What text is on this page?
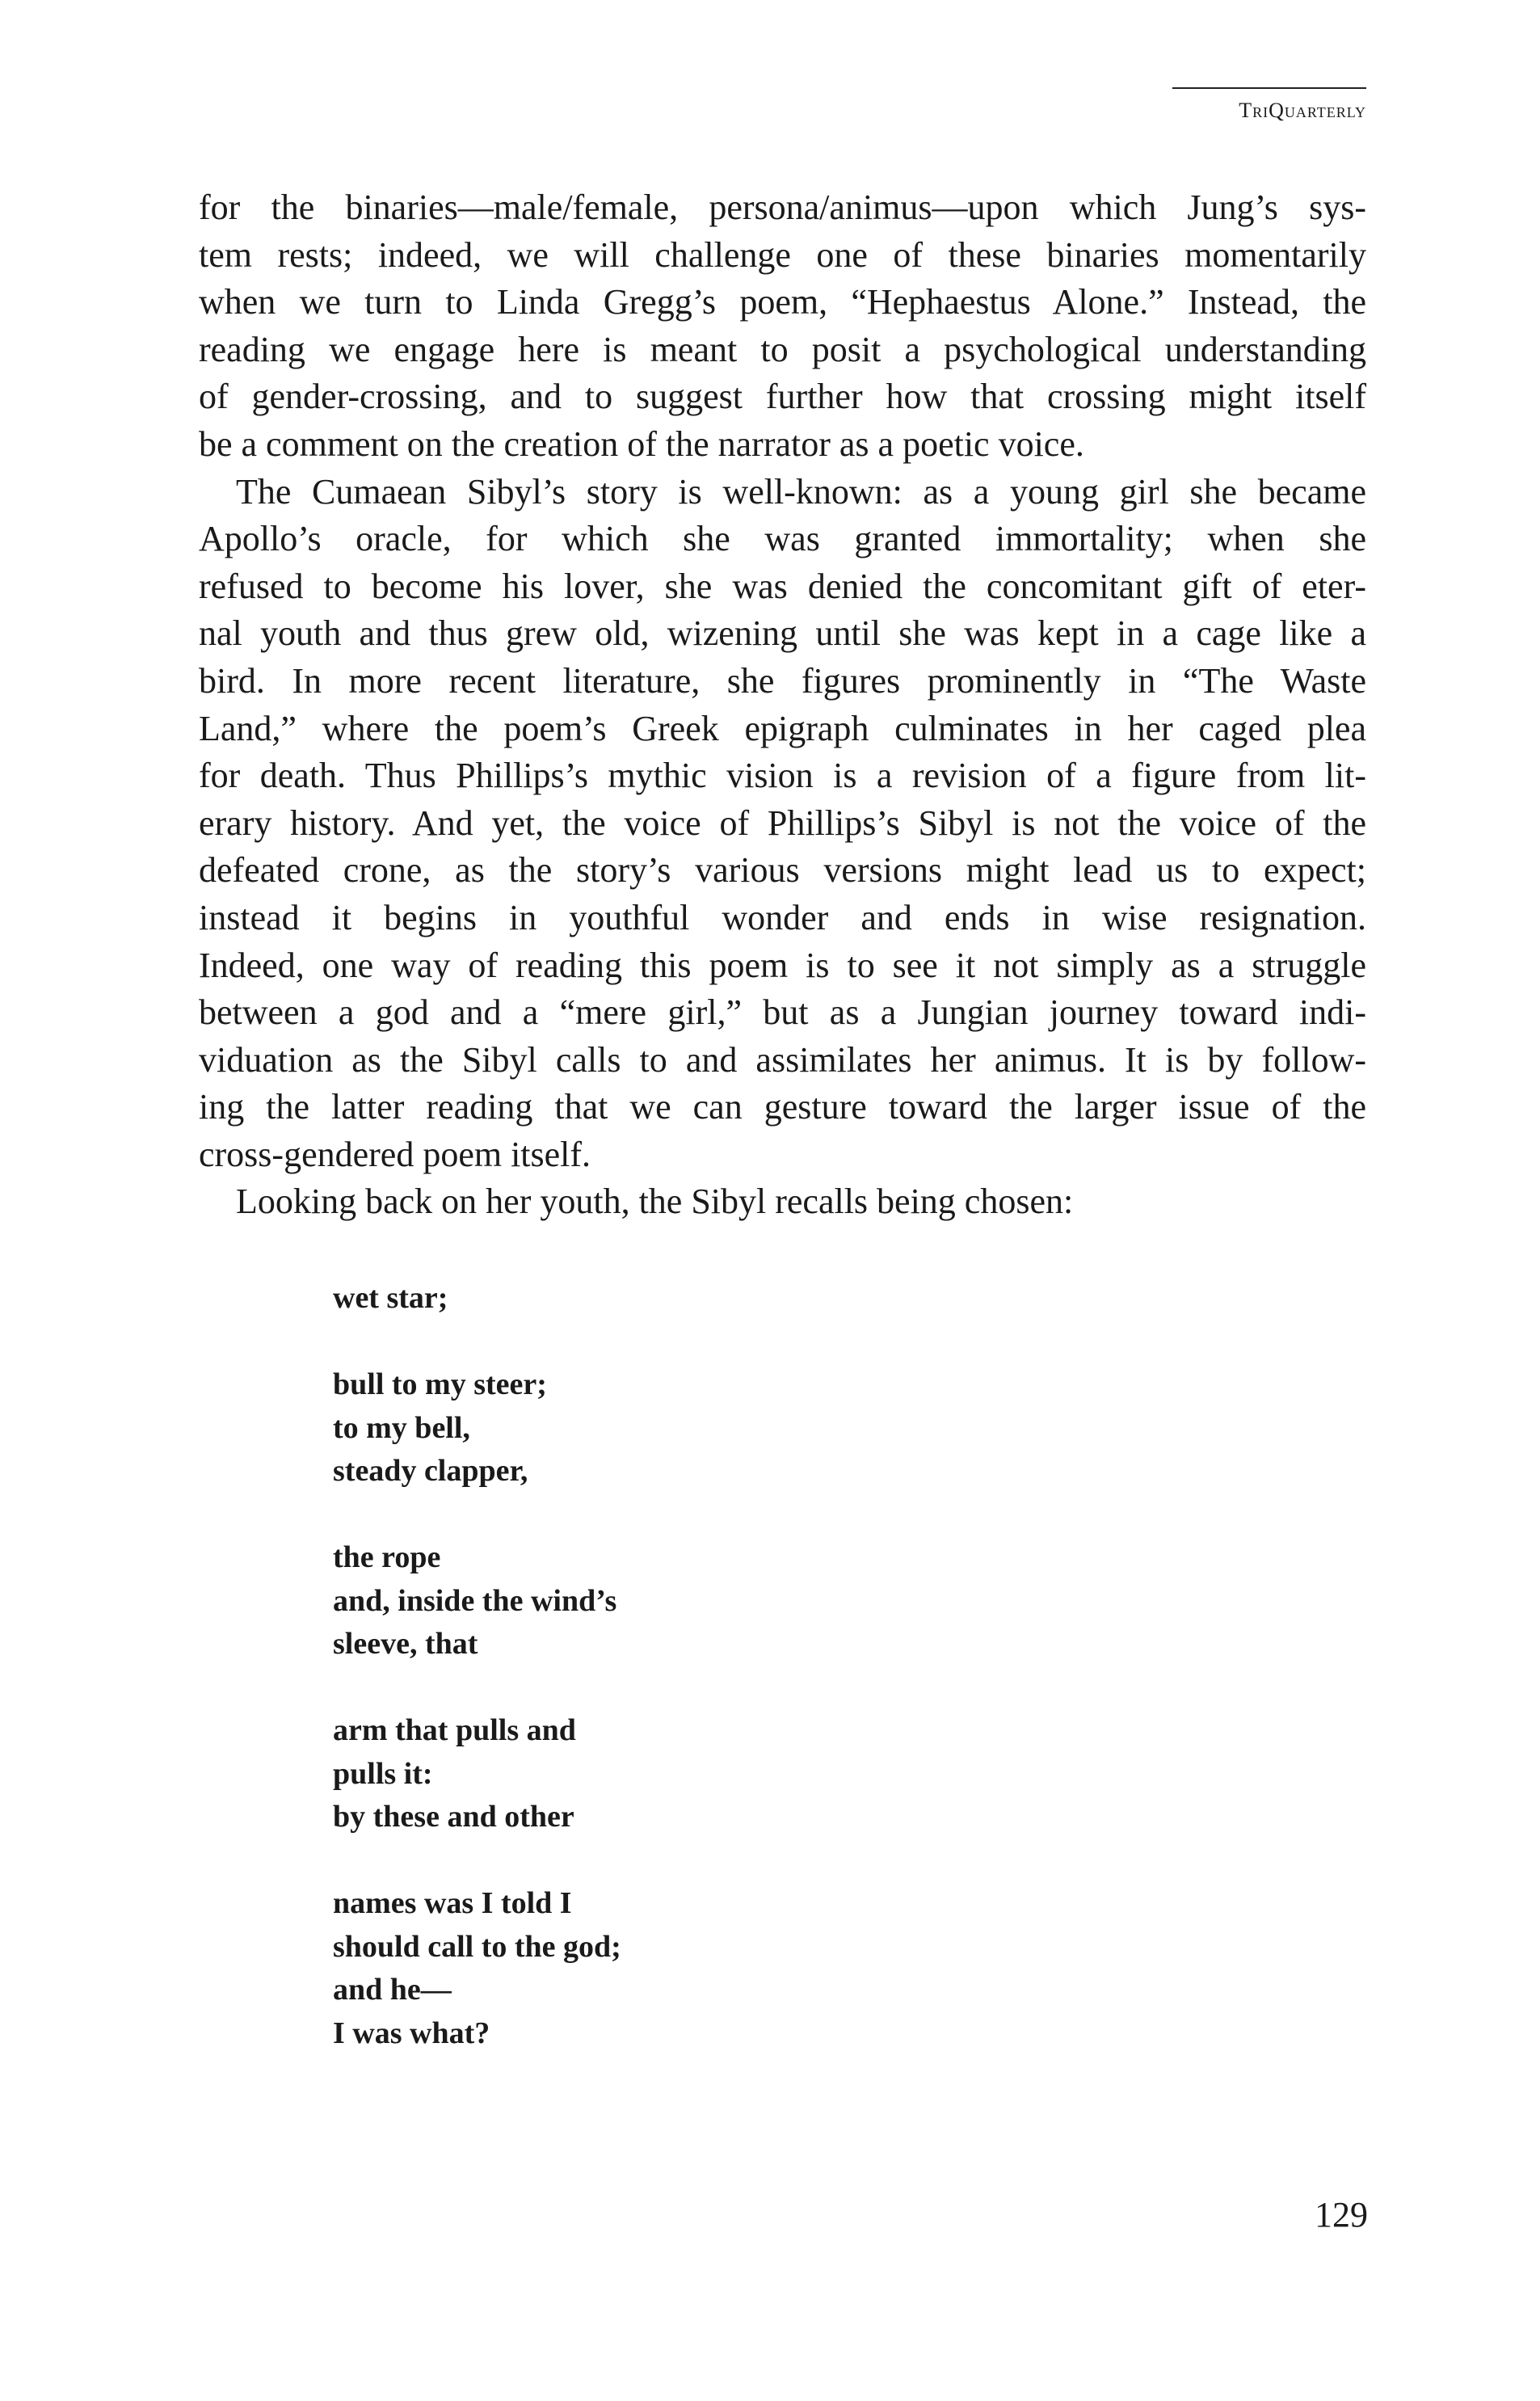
TriQuarterly
for the binaries—male/female, persona/animus—upon which Jung’s sys-
tem rests; indeed, we will challenge one of these binaries momentarily
when we turn to Linda Gregg’s poem, “Hephaestus Alone.” Instead, the
reading we engage here is meant to posit a psychological understanding
of gender-crossing, and to suggest further how that crossing might itself
be a comment on the creation of the narrator as a poetic voice.
The Cumaean Sibyl’s story is well-known: as a young girl she became
Apollo’s oracle, for which she was granted immortality; when she
refused to become his lover, she was denied the concomitant gift of eter-
nal youth and thus grew old, wizening until she was kept in a cage like a
bird. In more recent literature, she figures prominently in “The Waste
Land,” where the poem’s Greek epigraph culminates in her caged plea
for death. Thus Phillips’s mythic vision is a revision of a figure from lit-
erary history. And yet, the voice of Phillips’s Sibyl is not the voice of the
defeated crone, as the story’s various versions might lead us to expect;
instead it begins in youthful wonder and ends in wise resignation.
Indeed, one way of reading this poem is to see it not simply as a struggle
between a god and a “mere girl,” but as a Jungian journey toward indi-
viduation as the Sibyl calls to and assimilates her animus. It is by follow-
ing the latter reading that we can gesture toward the larger issue of the
cross-gendered poem itself.
Looking back on her youth, the Sibyl recalls being chosen:
wet star;
bull to my steer;
to my bell,
steady clapper,
the rope
and, inside the wind’s
sleeve, that
arm that pulls and
pulls it:
by these and other
names was I told I
should call to the god;
and he—
I was what?
129
